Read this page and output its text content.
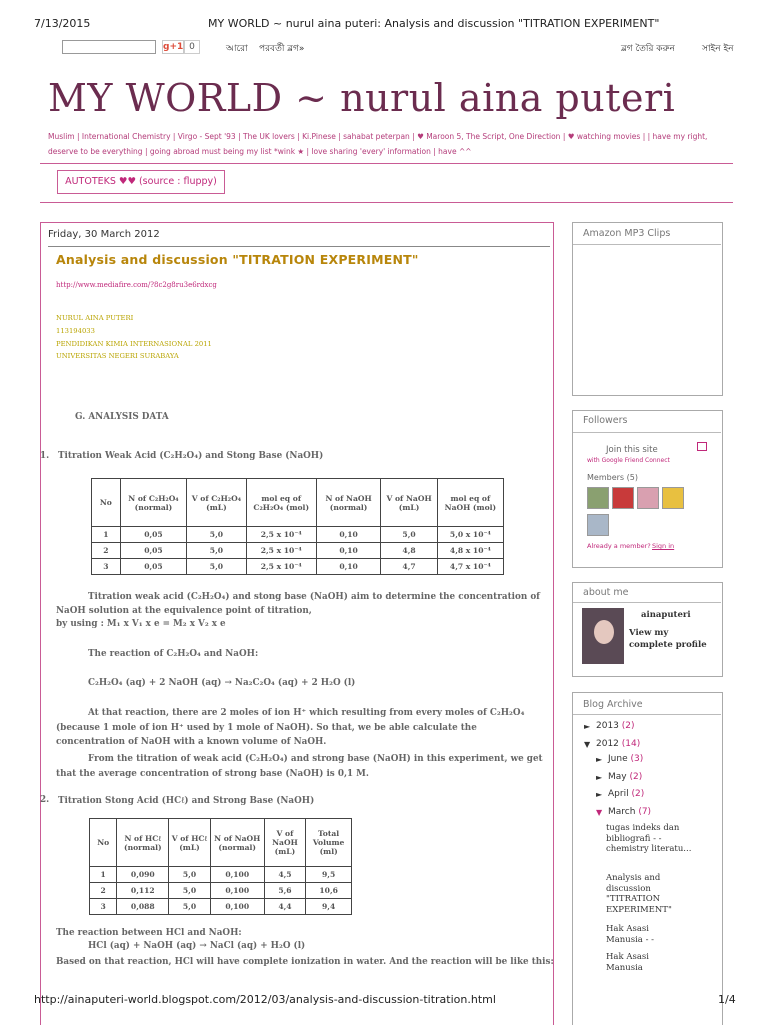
7/13/2015	MY WORLD ~ nurul aina puteri: Analysis and discussion "TITRATION EXPERIMENT"
g+1 0	আরো পরবর্তী ব্লগ»	ব্লগ তৈরি করুন	সাইন ইন
MY WORLD ~ nurul aina puteri
Muslim | International Chemistry | Virgo - Sept '93 | The UK lovers | Ki.Pinese | sahabat peterpan | ♥ Maroon 5, The Script, One Direction | ♥ watching movies | | have my right, deserve to be everything | going abroad must being my list *wink ★ | love sharing 'every' information | have ^^
AUTOTEKS ♥♥ (source : fluppy)
Friday, 30 March 2012
Analysis and discussion "TITRATION EXPERIMENT"
http://www.mediafire.com/?8c2g8ru3e6rdxcg
NURUL AINA PUTERI
113194033
PENDIDIKAN KIMIA INTERNASIONAL 2011
UNIVERSITAS NEGERI SURABAYA
G. ANALYSIS DATA
1. Titration Weak Acid (C₂H₂O₄) and Stong Base (NaOH)
No	N of C₂H₂O₄ (normal)	V of C₂H₂O₄ (mL)	mol eq of C₂H₂O₄ (mol)	N of NaOH (normal)	V of NaOH (mL)	mol eq of NaOH (mol)
1	0,05	5,0	2,5 x 10⁻⁴	0,10	5,0	5,0 x 10⁻⁴
2	0,05	5,0	2,5 x 10⁻⁴	0,10	4,8	4,8 x 10⁻⁴
3	0,05	5,0	2,5 x 10⁻⁴	0,10	4,7	4,7 x 10⁻⁴
Titration weak acid (C₂H₂O₄) and stong base (NaOH) aim to determine the concentration of NaOH solution at the equivalence point of titration,
by using : M₁ x V₁ x e = M₂ x V₂ x e
The reaction of C₂H₂O₄ and NaOH:
C₂H₂O₄ (aq) + 2 NaOH (aq) → Na₂C₂O₄ (aq) + 2 H₂O (l)
At that reaction, there are 2 moles of ion H⁺ which resulting from every moles of C₂H₂O₄ (because 1 mole of ion H⁺ used by 1 mole of NaOH). So that, we be able calculate the concentration of NaOH with a known volume of NaOH.
From the titration of weak acid (C₂H₂O₄) and strong base (NaOH) in this experiment, we get that the average concentration of strong base (NaOH) is 0,1 M.
2. Titration Stong Acid (HCℓ) and Strong Base (NaOH)
No	N of HCℓ (normal)	V of HCℓ (mL)	N of NaOH (normal)	V of NaOH (mL)	Total Volume (ml)
1	0,090	5,0	0,100	4,5	9,5
2	0,112	5,0	0,100	5,6	10,6
3	0,088	5,0	0,100	4,4	9,4
The reaction between HCl and NaOH:
HCl (aq) + NaOH (aq) → NaCl (aq) + H₂O (l)
Based on that reaction, HCl will have complete ionization in water. And the reaction will be like this:
Amazon MP3 Clips
Followers
Join this site
with Google Friend Connect
Members (5)
Already a member? Sign in
about me
ainaputeri
View my complete profile
Blog Archive
► 2013 (2)
▼ 2012 (14)
► June (3)
► May (2)
► April (2)
▼ March (7)
tugas indeks dan bibliografi - - chemistry literatu...
Analysis and discussion "TITRATION EXPERIMENT"
Hak Asasi Manusia - -
Hak Asasi Manusia
http://ainaputeri-world.blogspot.com/2012/03/analysis-and-discussion-titration.html	1/4
